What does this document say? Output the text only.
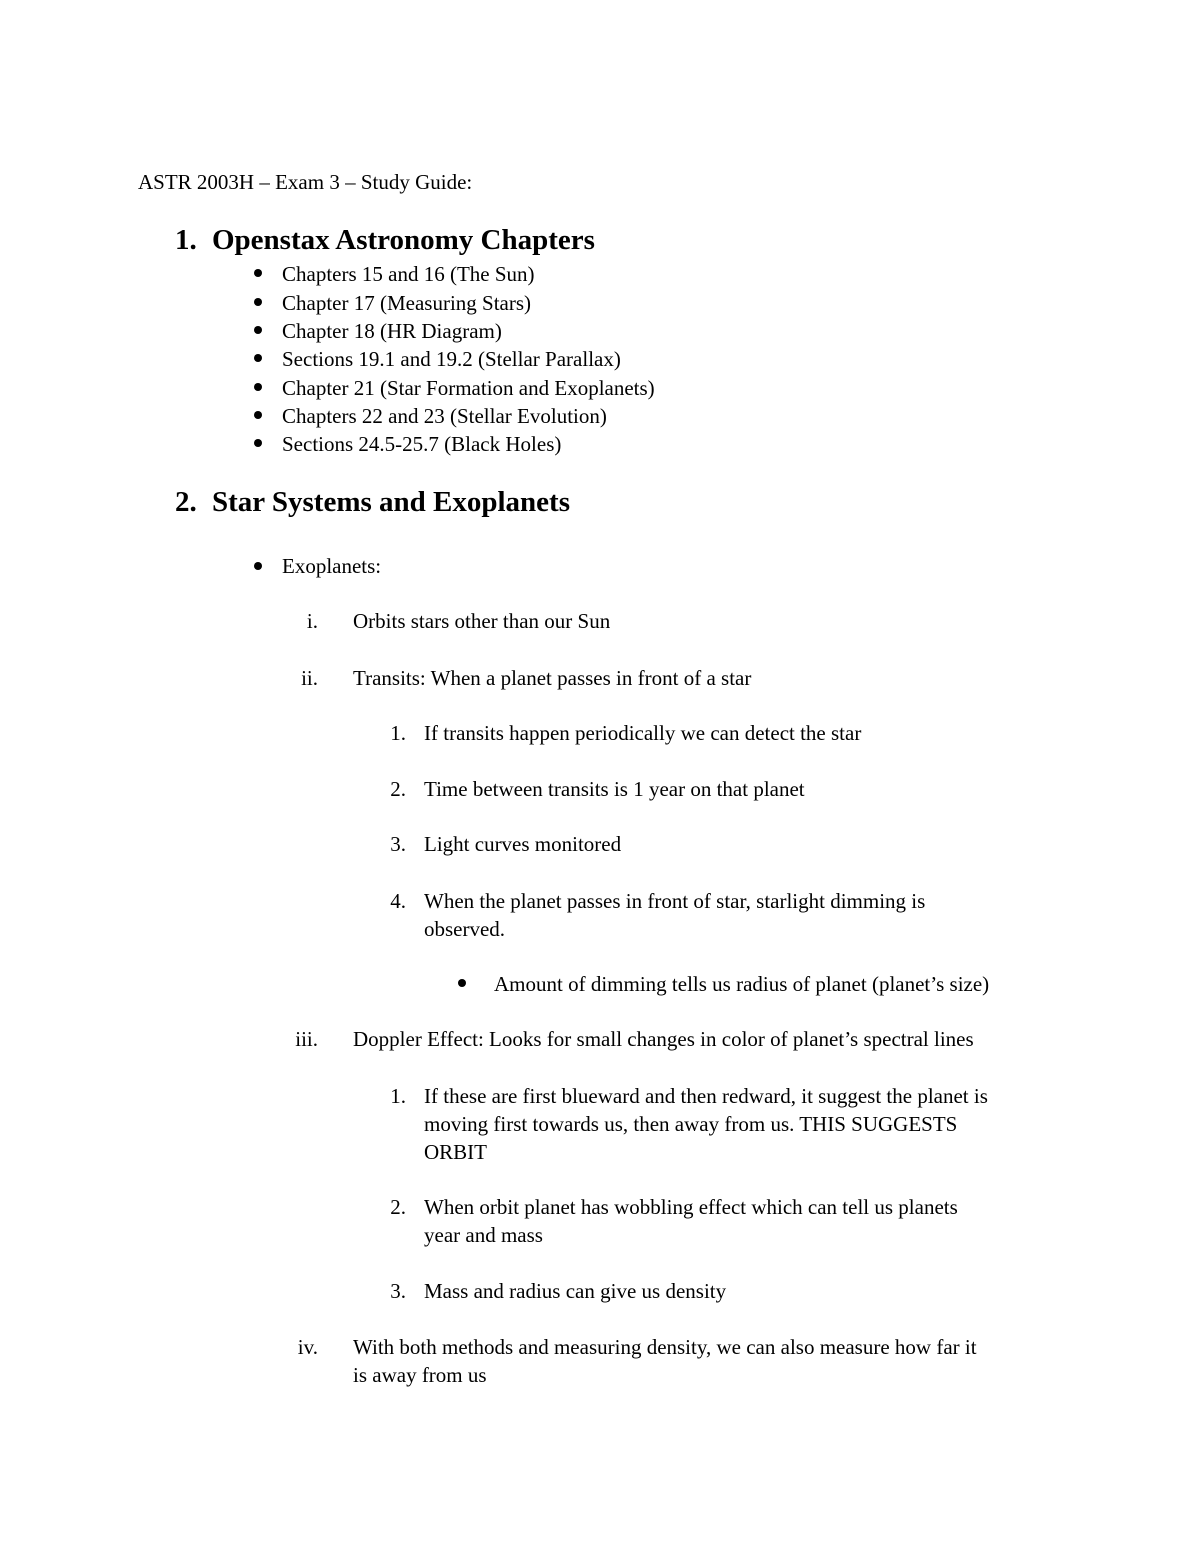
ASTR 2003H – Exam 3 – Study Guide:
1. Openstax Astronomy Chapters
Chapters 15 and 16 (The Sun)
Chapter 17 (Measuring Stars)
Chapter 18 (HR Diagram)
Sections 19.1 and 19.2 (Stellar Parallax)
Chapter 21 (Star Formation and Exoplanets)
Chapters 22 and 23 (Stellar Evolution)
Sections 24.5-25.7 (Black Holes)
2. Star Systems and Exoplanets
Exoplanets:
i. Orbits stars other than our Sun
ii. Transits: When a planet passes in front of a star
1. If transits happen periodically we can detect the star
2. Time between transits is 1 year on that planet
3. Light curves monitored
4. When the planet passes in front of star, starlight dimming is
observed.
Amount of dimming tells us radius of planet (planet’s size)
iii. Doppler Effect: Looks for small changes in color of planet’s spectral lines
1. If these are first blueward and then redward, it suggest the planet is
moving first towards us, then away from us. THIS SUGGESTS
ORBIT
2. When orbit planet has wobbling effect which can tell us planets
year and mass
3. Mass and radius can give us density
iv. With both methods and measuring density, we can also measure how far it
is away from us
